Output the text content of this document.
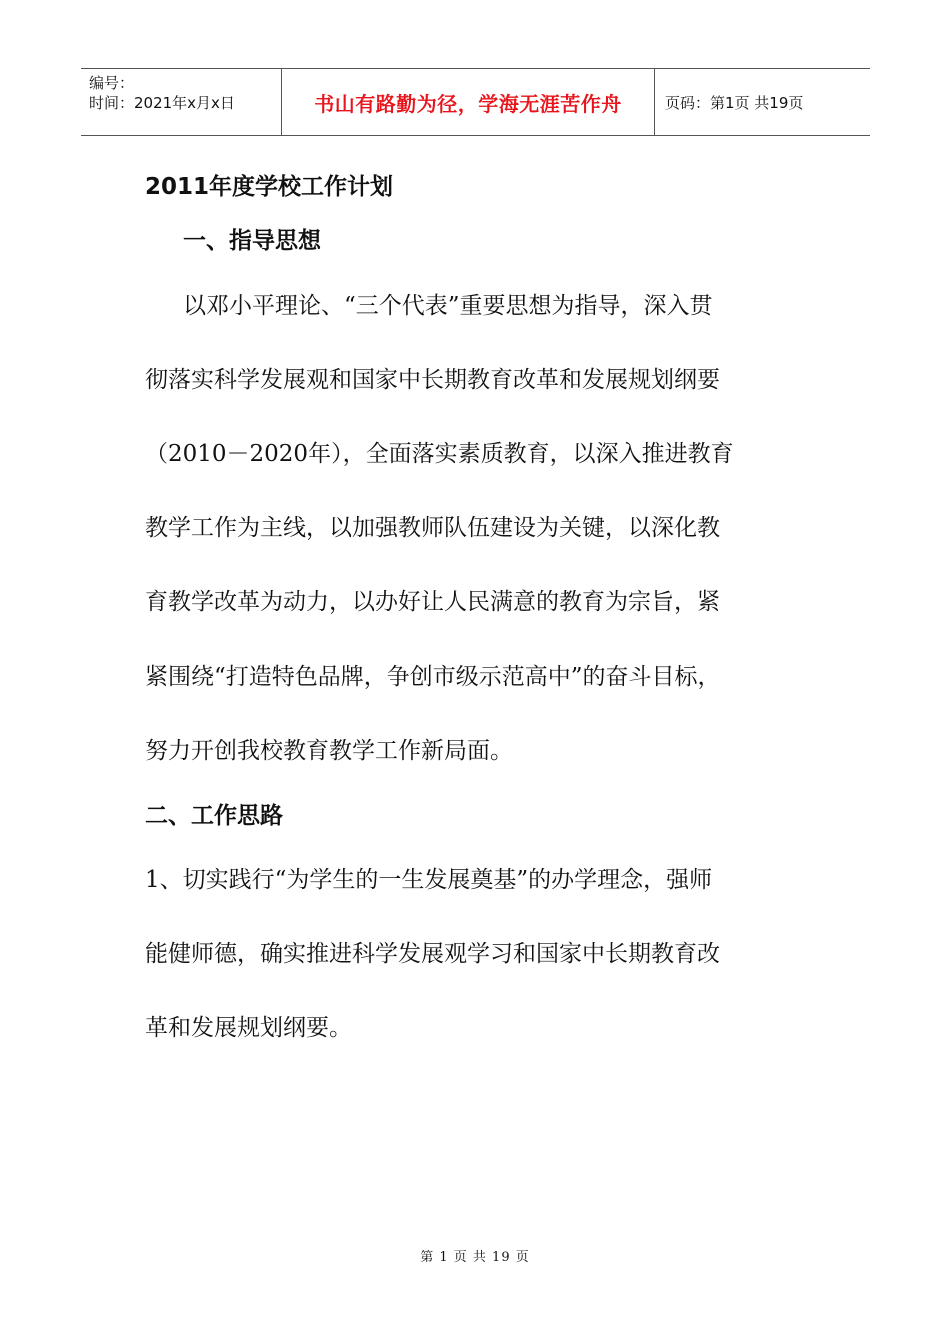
编号：
时间：2021年x月x日	书山有路勤为径，学海无涯苦作舟	页码：第1页 共19页
2011年度学校工作计划
一、指导思想

以邓小平理论、“三个代表”重要思想为指导，深入贯

彻落实科学发展观和国家中长期教育改革和发展规划纲要

（2010－2020年），全面落实素质教育，以深入推进教育

教学工作为主线，以加强教师队伍建设为关键，以深化教

育教学改革为动力，以办好让人民满意的教育为宗旨，紧

紧围绕“打造特色品牌，争创市级示范高中”的奋斗目标，

努力开创我校教育教学工作新局面。

二、工作思路

1、切实践行“为学生的一生发展奠基”的办学理念，强师

能健师德，确实推进科学发展观学习和国家中长期教育改

革和发展规划纲要。

第 1 页 共 19 页
